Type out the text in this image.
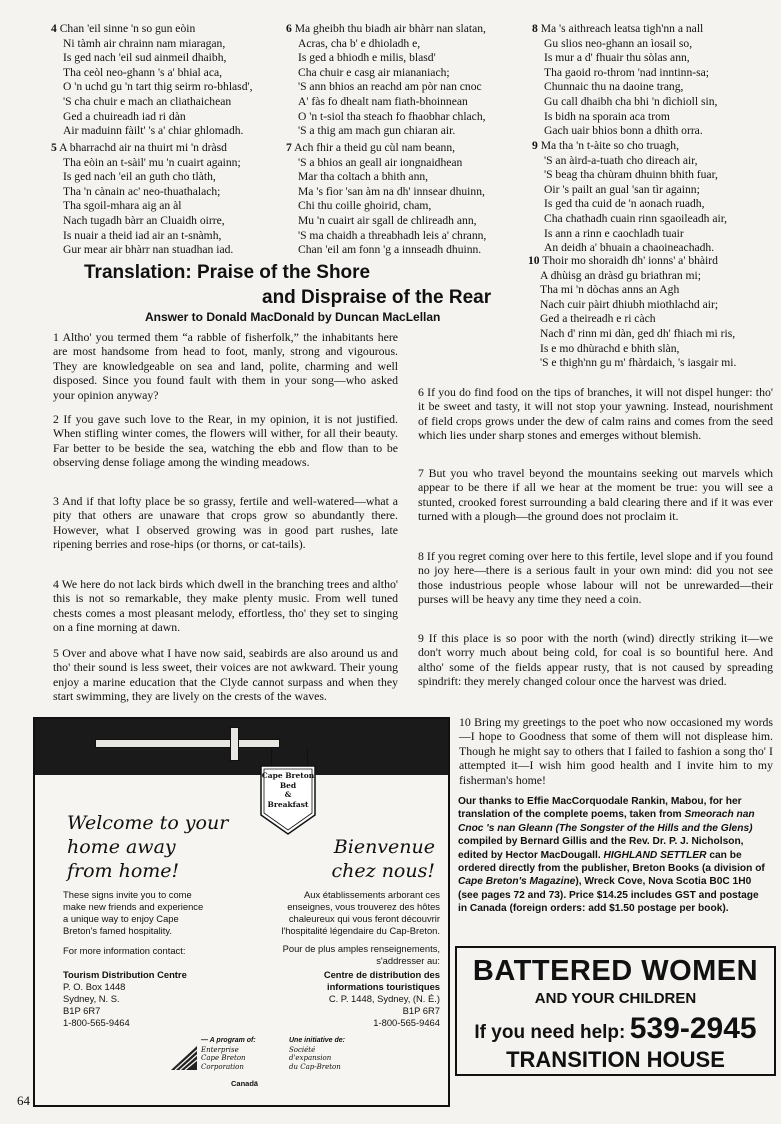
4 Chan 'eil sinne 'n so gun eòin
Ni tàmh air chrainn nam miaragan,
Is ged nach 'eil sud ainmeil dhaibh,
Tha ceòl neo-ghann 's a' bhial aca,
O 'n uchd gu 'n tart thig seirm ro-bhlasd',
'S cha chuir e mach an cliathaichean
Ged a chuireadh iad ri dàn
Air maduinn fàilt' 's a' chiar ghlomadh.
5 A bharrachd air na thuirt mi 'n dràsd
Tha eòin an t-sàil' mu 'n cuairt againn;
Is ged nach 'eil an guth cho tlàth,
Tha 'n cànain ac' neo-thuathalach;
Tha sgoil-mhara aig an àl
Nach tugadh bàrr an Cluaidh oirre,
Is nuair a theid iad air an t-snàmh,
Gur mear air bhàrr nan stuadhan iad.
6 Ma gheibh thu biadh air bhàrr nan slatan,
Acras, cha b' e dhioladh e,
Is ged a bhiodh e milis, blasd'
Cha chuir e casg air miananiach;
'S ann bhios an reachd am pòr nan cnoc
A' fàs fo dhealt nam fiath-bhoinnean
O 'n t-siol tha steach fo fhaobhar chlach,
'S a thig am mach gun chiaran air.
7 Ach fhir a theid gu cùl nam beann,
'S a bhios an geall air iongnaidhean
Mar tha coltach a bhith ann,
Ma 's fìor 'san àm na dh' innsear dhuinn,
Chi thu coille ghoirid, cham,
Mu 'n cuairt air sgall de chlireadh ann,
'S ma chaidh a threabhadh leis a' chrann,
Chan 'eil am fonn 'g a innseadh dhuinn.
8 Ma 's aithreach leatsa tigh'nn a nall
Gu slios neo-ghann an ìosail so,
Is mur a d' fhuair thu sòlas ann,
Tha gaoid ro-throm 'nad inntinn-sa;
Chunnaic thu na daoine trang,
Gu call dhaibh cha bhi 'n dìchioll sin,
Is bidh na sporain aca trom
Gach uair bhios bonn a dhìth orra.
9 Ma tha 'n t-àite so cho truagh,
'S an àird-a-tuath cho direach air,
'S beag tha chùram dhuinn bhith fuar,
Oir 's pailt an gual 'san tìr againn;
Is ged tha cuid de 'n aonach ruadh,
Cha chathadh cuain rinn sgaoileadh air,
Is ann a rinn e caochladh tuair
An deidh a' bhuain a chaoineachadh.
10 Thoir mo shoraidh dh' ionns' a' bhàird
A dhùisg an dràsd gu briathran mi;
Tha mi 'n dòchas anns an Agh
Nach cuir pàirt dhiubh miothlachd air;
Ged a theireadh e ri càch
Nach d' rinn mi dàn, ged dh' fhiach mi ris,
Is e mo dhùrachd e bhith slàn,
'S e thigh'nn gu m' fhàrdaich, 's iasgair mi.
Translation: Praise of the Shore
and Dispraise of the Rear
Answer to Donald MacDonald by Duncan MacLellan

1 Altho' you termed them “a rabble of fisherfolk,” the inhabitants here are most handsome from head to foot, manly, strong and vigourous. They are knowledgeable on sea and land, polite, charming and well disposed. Since you found fault with them in your song—who asked your opinion anyway?

2 If you gave such love to the Rear, in my opinion, it is not justified. When stifling winter comes, the flowers will wither, for all their beauty. Far better to be beside the sea, watching the ebb and flow than to be observing dense foliage among the winding meadows.

3 And if that lofty place be so grassy, fertile and well-watered—what a pity that others are unaware that crops grow so abundantly there. However, what I observed growing was in good part rushes, late ripening berries and rose-hips (or thorns, or cat-tails).

4 We here do not lack birds which dwell in the branching trees and altho' this is not so remarkable, they make plenty music. From well tuned chests comes a most pleasant melody, effortless, tho' they set to singing on a fine morning at dawn.

5 Over and above what I have now said, seabirds are also around us and tho' their sound is less sweet, their voices are not awkward. Their young enjoy a marine education that the Clyde cannot surpass and when they start swimming, they are lively on the crests of the waves.

6 If you do find food on the tips of branches, it will not dispel hunger: tho' it be sweet and tasty, it will not stop your yawning. Instead, nourishment of field crops grows under the dew of calm rains and comes from the seed which lies under sharp stones and emerges without blemish.

7 But you who travel beyond the mountains seeking out marvels which appear to be there if all we hear at the moment be true: you will see a stunted, crooked forest surrounding a bald clearing there and if it was ever turned with a plough—the ground does not proclaim it.

8 If you regret coming over here to this fertile, level slope and if you found no joy here—there is a serious fault in your own mind: did you not see those industrious people whose labour will not be unrewarded—their purses will be heavy any time they need a coin.

9 If this place is so poor with the north (wind) directly striking it—we don't worry much about being cold, for coal is so bountiful here. And altho' some of the fields appear rusty, that is not caused by spreading spindrift: they merely changed colour once the harvest was dried.

10 Bring my greetings to the poet who now occasioned my words—I hope to Goodness that some of them will not displease him. Though he might say to others that I failed to fashion a song tho' I attempted it—I wish him good health and I invite him to my fisherman's home!

Our thanks to Effie MacCorquodale Rankin, Mabou, for her translation of the complete poems, taken from Smeorach nan Cnoc 's nan Gleann (The Songster of the Hills and the Glens) compiled by Bernard Gillis and the Rev. Dr. P. J. Nicholson, edited by Hector MacDougall. HIGHLAND SETTLER can be ordered directly from the publisher, Breton Books (a division of Cape Breton's Magazine), Wreck Cove, Nova Scotia B0C 1H0 (see pages 72 and 73). Price $14.25 includes GST and postage in Canada (foreign orders: add $1.50 postage per book).

Cape Breton
Bed
&
Breakfast
Welcome to your
home away
from home!
Bienvenue
chez nous!
These signs invite you to come
make new friends and experience
a unique way to enjoy Cape
Breton's famed hospitality.
Aux établissements arborant ces
enseignes, vous trouverez des hôtes
chaleureux qui vous feront découvrir
l'hospitalité légendaire du Cap-Breton.
For more information contact:	Pour de plus amples renseignements,
s'addresser au:
Tourism Distribution Centre
P. O. Box 1448
Sydney, N. S.
B1P 6R7
1-800-565-9464
Centre de distribution des
informations touristiques
C. P. 1448, Sydney, (N. É.)
B1P 6R7
1-800-565-9464
— A program of:
Enterprise
Cape Breton
Corporation
Une initiative de:
Société
d'expansion
du Cap-Breton
Canadä
BATTERED WOMEN
AND YOUR CHILDREN
If you need help: 539-2945
TRANSITION HOUSE
64
